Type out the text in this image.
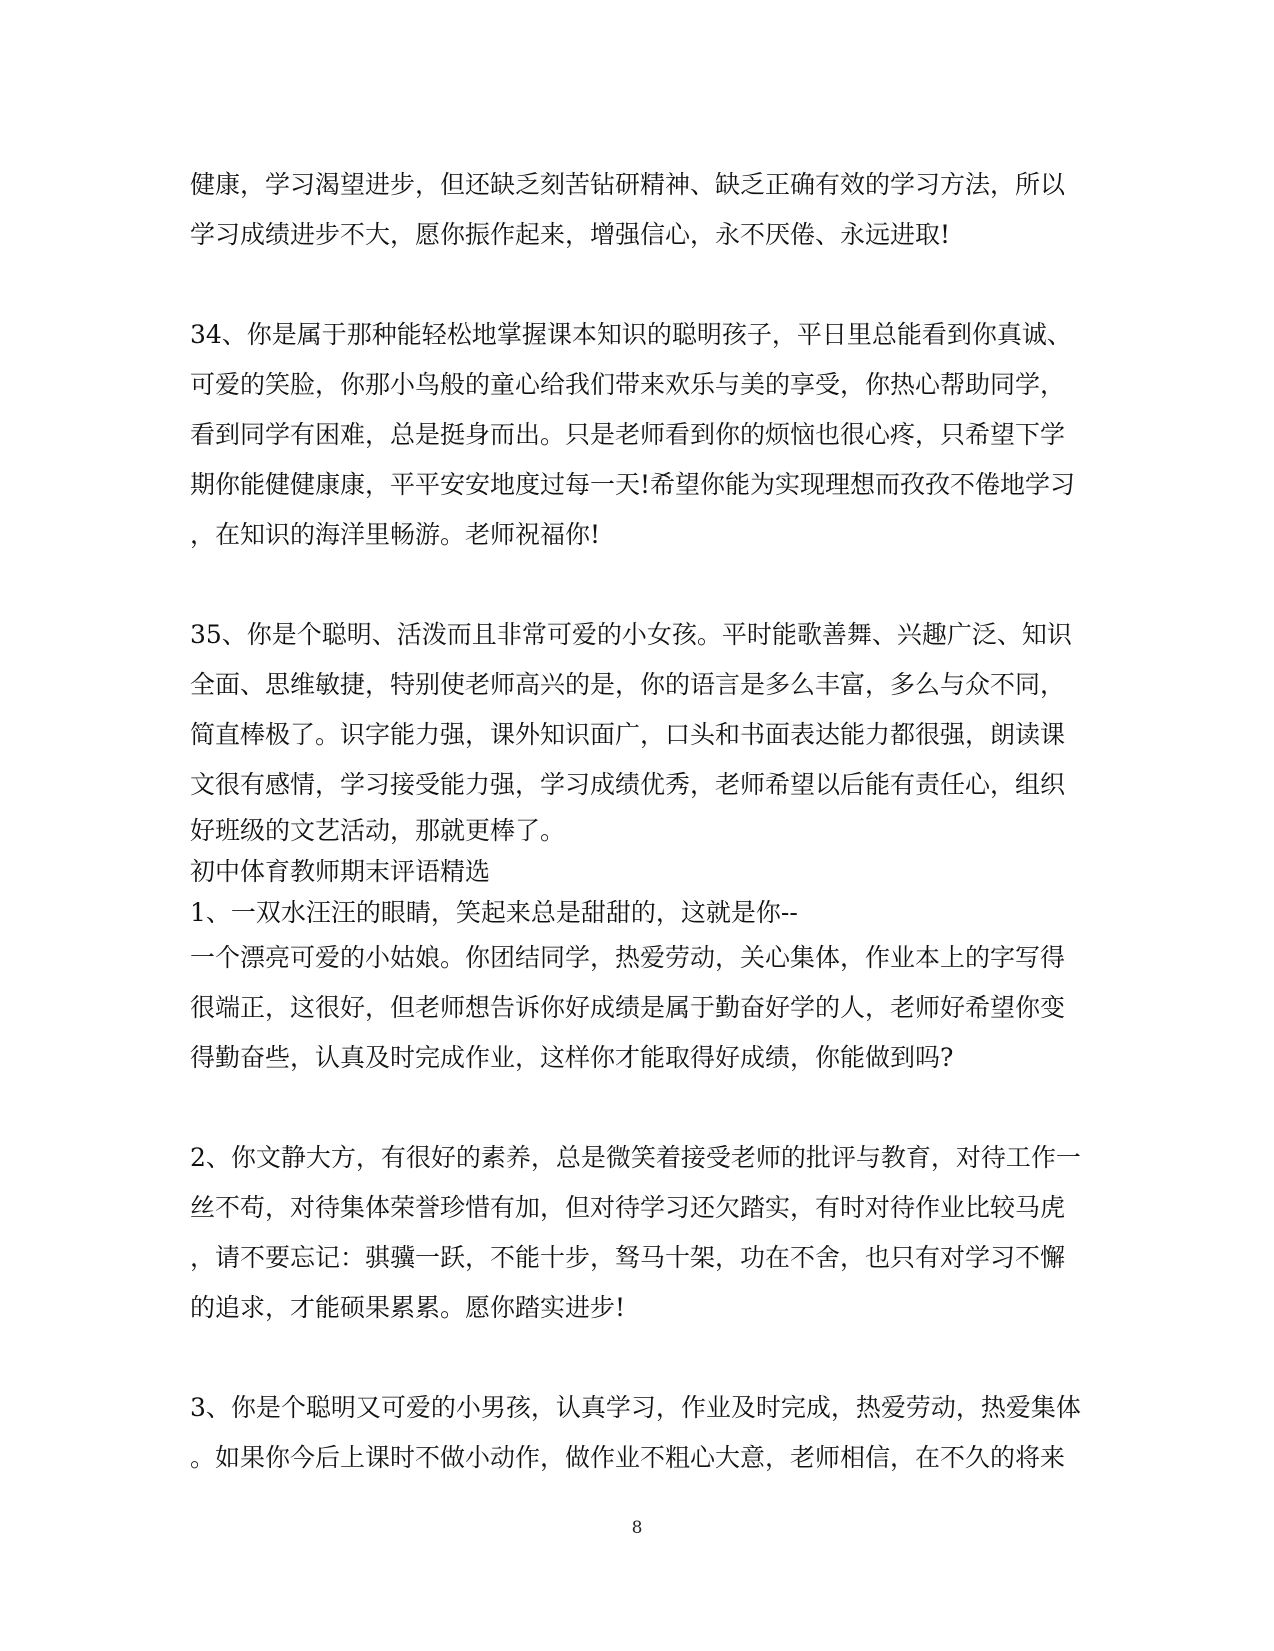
健康，学习渴望进步，但还缺乏刻苦钻研精神、缺乏正确有效的学习方法，所以
学习成绩进步不大，愿你振作起来，增强信心，永不厌倦、永远进取!
34、你是属于那种能轻松地掌握课本知识的聪明孩子，平日里总能看到你真诚、
可爱的笑脸，你那小鸟般的童心给我们带来欢乐与美的享受，你热心帮助同学，
看到同学有困难，总是挺身而出。只是老师看到你的烦恼也很心疼，只希望下学
期你能健健康康，平平安安地度过每一天!希望你能为实现理想而孜孜不倦地学习
，在知识的海洋里畅游。老师祝福你!
35、你是个聪明、活泼而且非常可爱的小女孩。平时能歌善舞、兴趣广泛、知识
全面、思维敏捷，特别使老师高兴的是，你的语言是多么丰富，多么与众不同，
简直棒极了。识字能力强，课外知识面广，口头和书面表达能力都很强，朗读课
文很有感情，学习接受能力强，学习成绩优秀，老师希望以后能有责任心，组织
好班级的文艺活动，那就更棒了。
初中体育教师期末评语精选
1、一双水汪汪的眼睛，笑起来总是甜甜的，这就是你--
一个漂亮可爱的小姑娘。你团结同学，热爱劳动，关心集体，作业本上的字写得
很端正，这很好，但老师想告诉你好成绩是属于勤奋好学的人，老师好希望你变
得勤奋些，认真及时完成作业，这样你才能取得好成绩，你能做到吗?
2、你文静大方，有很好的素养，总是微笑着接受老师的批评与教育，对待工作一
丝不苟，对待集体荣誉珍惜有加，但对待学习还欠踏实，有时对待作业比较马虎
，请不要忘记：骐骥一跃，不能十步，驽马十架，功在不舍，也只有对学习不懈
的追求，才能硕果累累。愿你踏实进步!
3、你是个聪明又可爱的小男孩，认真学习，作业及时完成，热爱劳动，热爱集体
。如果你今后上课时不做小动作，做作业不粗心大意，老师相信，在不久的将来
8
